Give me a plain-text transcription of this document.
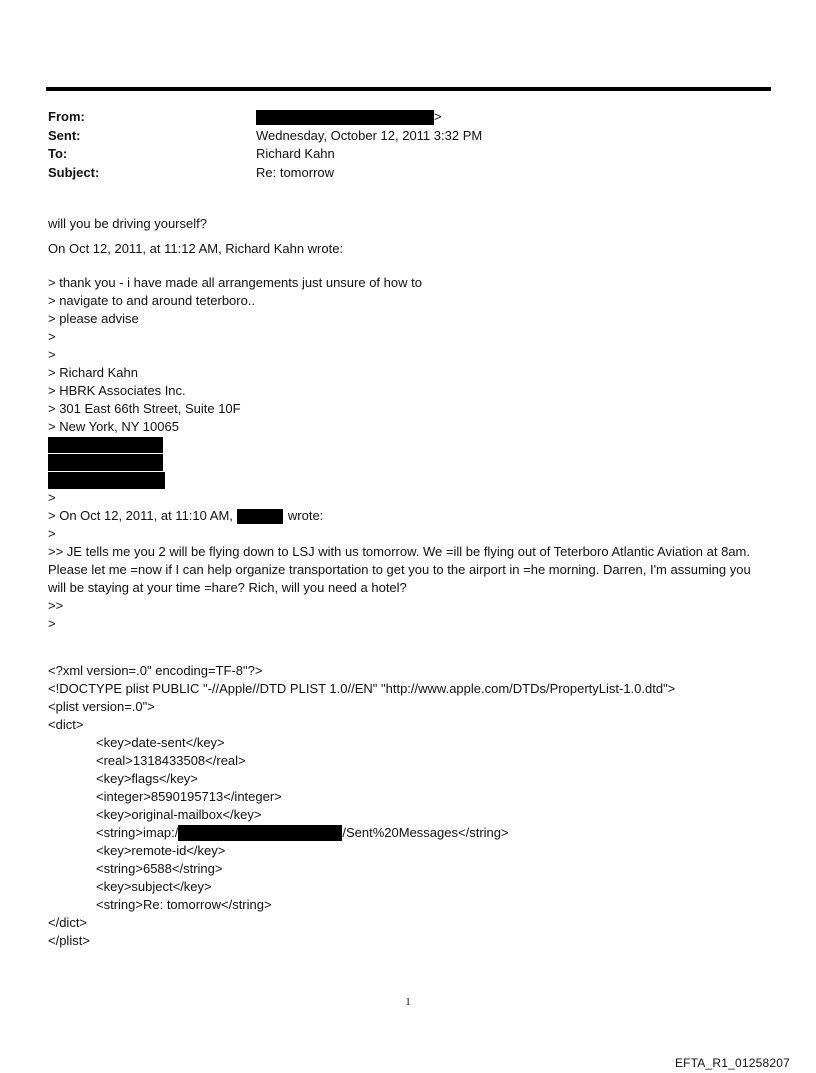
From:	>
Sent:	Wednesday, October 12, 2011 3:32 PM
To:	Richard Kahn
Subject:	Re: tomorrow
will you be driving yourself?
On Oct 12, 2011, at 11:12 AM, Richard Kahn wrote:
> thank you - i have made all arrangements just unsure of how to
> navigate to and around teterboro..
> please advise
>
>
> Richard Kahn
> HBRK Associates Inc.
> 301 East 66th Street, Suite 10F
> New York, NY 10065
>
> On Oct 12, 2011, at 11:10 AM,	wrote:
>
>> JE tells me you 2 will be flying down to LSJ with us tomorrow. We =ill be flying out of Teterboro Atlantic Aviation at 8am. Please let me =now if I can help organize transportation to get you to the airport in =he morning. Darren, I'm assuming you will be staying at your time =hare? Rich, will you need a hotel?
>>
>
<?xml version=.0" encoding=TF-8"?>
<!DOCTYPE plist PUBLIC "-//Apple//DTD PLIST 1.0//EN" "http://www.apple.com/DTDs/PropertyList-1.0.dtd">
<plist version=.0">
<dict>
<key>date-sent</key>
<real>1318433508</real>
<key>flags</key>
<integer>8590195713</integer>
<key>original-mailbox</key>
<string>imap:/	/Sent%20Messages</string>
<key>remote-id</key>
<string>6588</string>
<key>subject</key>
<string>Re: tomorrow</string>
</dict>
</plist>
1
EFTA_R1_01258207
